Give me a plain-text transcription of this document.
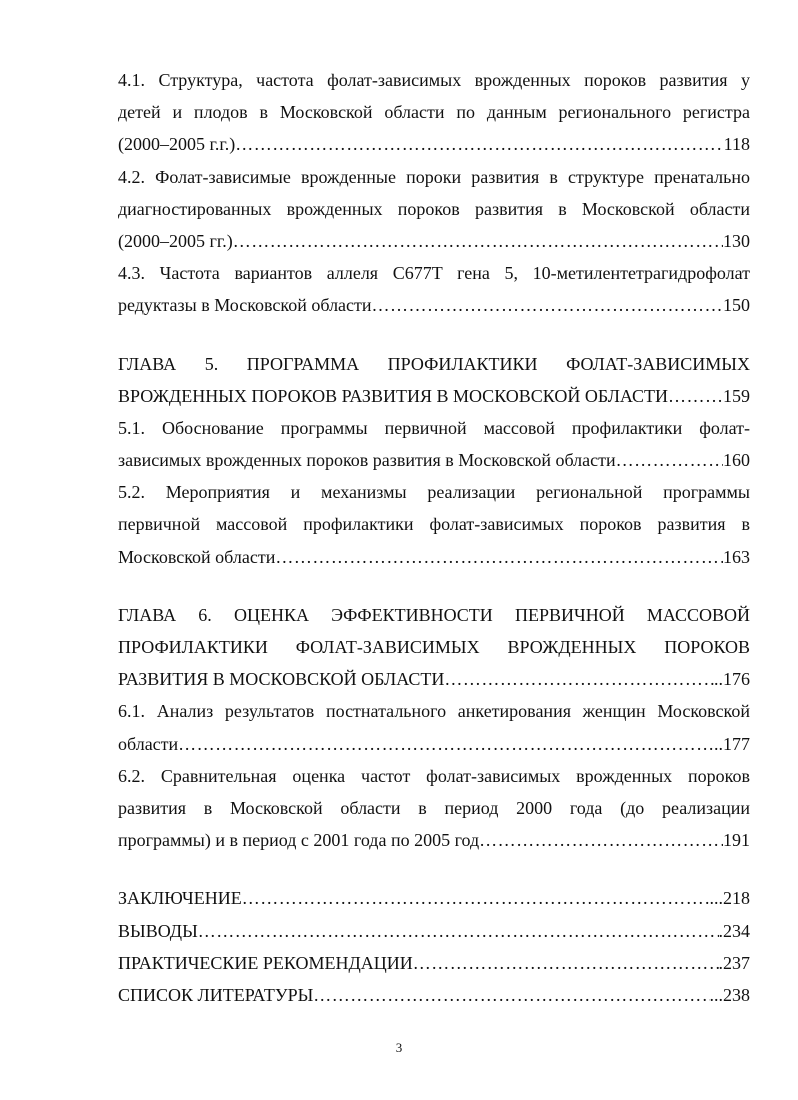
4.1. Структура, частота фолат-зависимых врожденных пороков развития у
детей и плодов в Московской области по данным регионального регистра
(2000–2005 г.г.) ………………………………………………………………………………………………………………………………………………………………	118
4.2. Фолат-зависимые врожденные пороки развития в структуре пренатально
диагностированных врожденных пороков развития в Московской области
(2000–2005 гг.) ………………………………………………………………………………………………………………………………………………………………	130
4.3. Частота вариантов аллеля C677T гена 5, 10-метилентетрагидрофолат
редуктазы в Московской области ………………………………………………………………………………………………………………………………………………………………	150
ГЛАВА 5. ПРОГРАММА ПРОФИЛАКТИКИ ФОЛАТ-ЗАВИСИМЫХ
ВРОЖДЕННЫХ ПОРОКОВ РАЗВИТИЯ В МОСКОВСКОЙ ОБЛАСТИ ………………………………………………………………………………………………………………………………………………………………	159
5.1. Обоснование программы первичной массовой профилактики фолат-
зависимых врожденных пороков развития в Московской области ………………………………………………………………………………………………………………………………………………………………	160
5.2. Мероприятия и механизмы реализации региональной программы
первичной массовой профилактики фолат-зависимых пороков развития в
Московской области ………………………………………………………………………………………………………………………………………………………………	163
ГЛАВА 6. ОЦЕНКА ЭФФЕКТИВНОСТИ ПЕРВИЧНОЙ МАССОВОЙ
ПРОФИЛАКТИКИ ФОЛАТ-ЗАВИСИМЫХ ВРОЖДЕННЫХ ПОРОКОВ
РАЗВИТИЯ В МОСКОВСКОЙ ОБЛАСТИ ………………………………………………………………………………………………………………………………………………………………	..176
6.1. Анализ результатов постнатального анкетирования женщин Московской
области ………………………………………………………………………………………………………………………………………………………………	..177
6.2. Сравнительная оценка частот фолат-зависимых врожденных пороков
развития в Московской области в период 2000 года (до реализации
программы) и в период с 2001 года по 2005 год ………………………………………………………………………………………………………………………………………………………………	191
ЗАКЛЮЧЕНИЕ ………………………………………………………………………………………………………………………………………………………………	...218
ВЫВОДЫ ………………………………………………………………………………………………………………………………………………………………	.234
ПРАКТИЧЕСКИЕ РЕКОМЕНДАЦИИ ………………………………………………………………………………………………………………………………………………………………	.237
СПИСОК ЛИТЕРАТУРЫ ………………………………………………………………………………………………………………………………………………………………	...238
3
